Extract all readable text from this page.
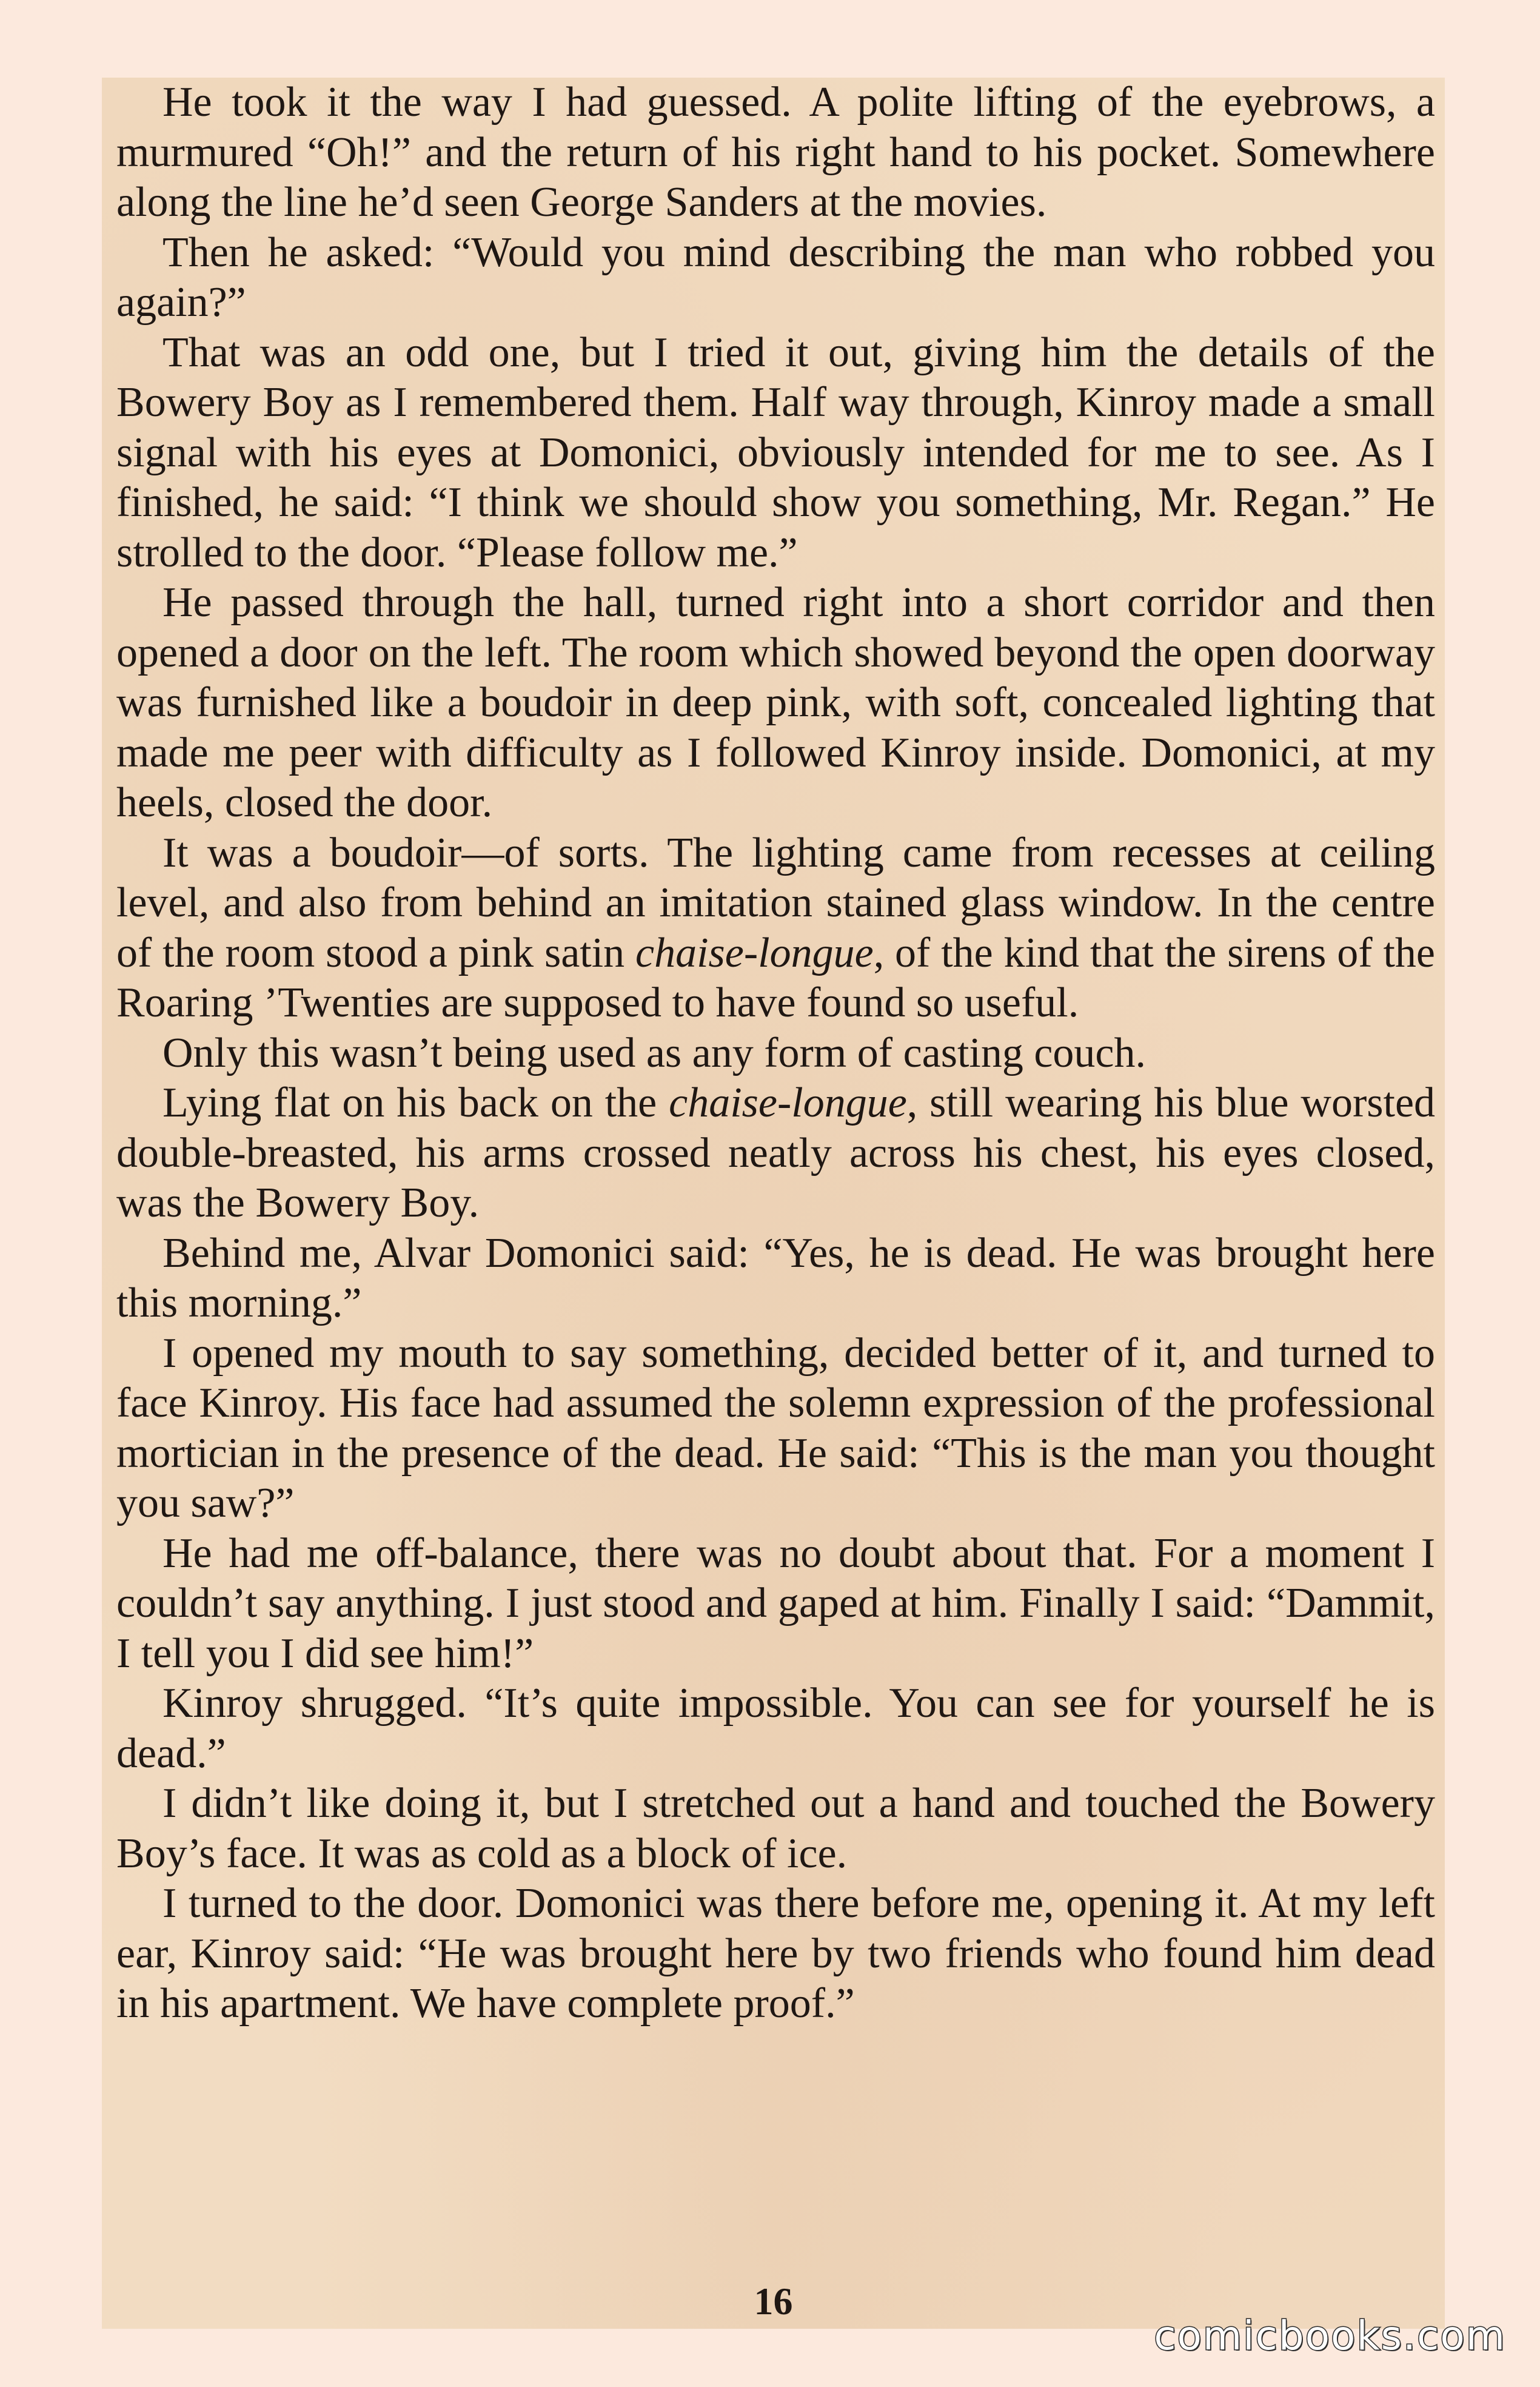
He took it the way I had guessed. A polite lifting of the eyebrows, a murmured “Oh!” and the return of his right hand to his pocket. Somewhere along the line he’d seen George Sanders at the movies.

Then he asked: “Would you mind describing the man who robbed you again?”

That was an odd one, but I tried it out, giving him the details of the Bowery Boy as I remembered them. Half way through, Kinroy made a small signal with his eyes at Domonici, obviously intended for me to see. As I finished, he said: “I think we should show you something, Mr. Regan.” He strolled to the door. “Please follow me.”

He passed through the hall, turned right into a short corridor and then opened a door on the left. The room which showed beyond the open doorway was furnished like a boudoir in deep pink, with soft, concealed lighting that made me peer with difficulty as I followed Kinroy inside. Domonici, at my heels, closed the door.

It was a boudoir—of sorts. The lighting came from recesses at ceiling level, and also from behind an imitation stained glass window. In the centre of the room stood a pink satin chaise-longue, of the kind that the sirens of the Roaring ’Twenties are supposed to have found so useful.

Only this wasn’t being used as any form of casting couch.

Lying flat on his back on the chaise-longue, still wearing his blue worsted double-breasted, his arms crossed neatly across his chest, his eyes closed, was the Bowery Boy.

Behind me, Alvar Domonici said: “Yes, he is dead. He was brought here this morning.”

I opened my mouth to say something, decided better of it, and turned to face Kinroy. His face had assumed the solemn expression of the professional mortician in the presence of the dead. He said: “This is the man you thought you saw?”

He had me off-balance, there was no doubt about that. For a moment I couldn’t say anything. I just stood and gaped at him. Finally I said: “Dammit, I tell you I did see him!”

Kinroy shrugged. “It’s quite impossible. You can see for yourself he is dead.”

I didn’t like doing it, but I stretched out a hand and touched the Bowery Boy’s face. It was as cold as a block of ice.

I turned to the door. Domonici was there before me, opening it. At my left ear, Kinroy said: “He was brought here by two friends who found him dead in his apartment. We have complete proof.”

16
comicbooks.com
